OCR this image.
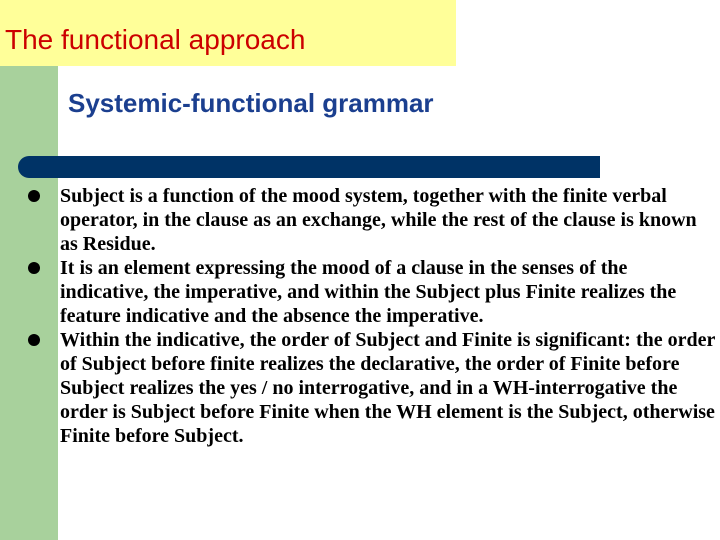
The functional approach
Systemic-functional grammar
Subject is a function of the mood system, together with the finite verbal operator, in the clause as an exchange, while the rest of the clause is known as Residue.
It is an element expressing the mood of a clause in the senses of the indicative, the imperative, and within the Subject plus Finite realizes the feature indicative and the absence the imperative.
Within the indicative, the order of Subject and Finite is significant: the order of Subject before finite realizes the declarative, the order of Finite before Subject realizes the yes / no interrogative, and in a WH-interrogative the order is Subject before Finite when the WH element is the Subject, otherwise Finite before Subject.
